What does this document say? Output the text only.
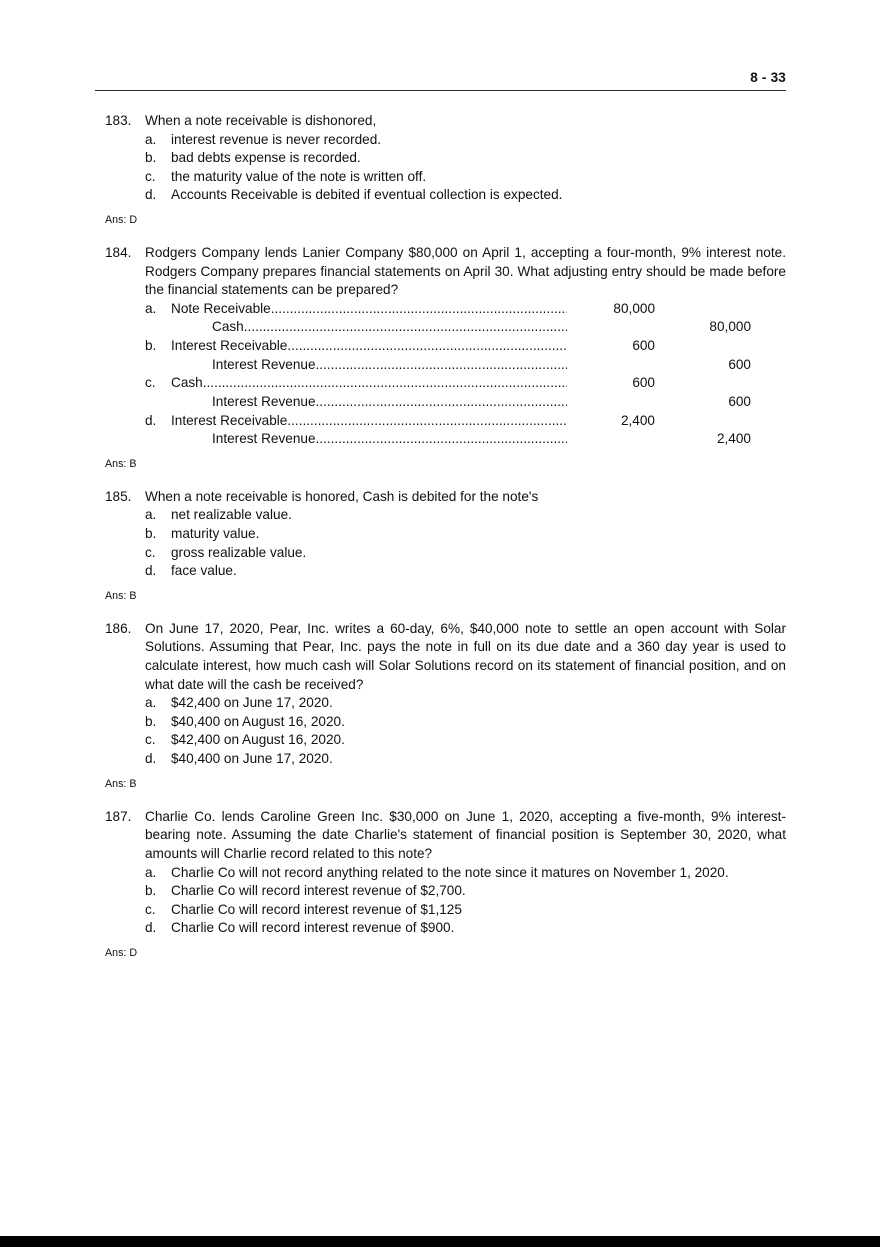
8 - 33
183. When a note receivable is dishonored,
a.	interest revenue is never recorded.
b.	bad debts expense is recorded.
c.	the maturity value of the note is written off.
d.	Accounts Receivable is debited if eventual collection is expected.
Ans: D
184. Rodgers Company lends Lanier Company $80,000 on April 1, accepting a four-month, 9% interest note. Rodgers Company prepares financial statements on April 30. What adjusting entry should be made before the financial statements can be prepared?
a.	Note Receivable .....	80,000
Cash .....	80,000
b.	Interest Receivable .....	600
Interest Revenue .....	600
c.	Cash .....	600
Interest Revenue .....	600
d.	Interest Receivable .....	2,400
Interest Revenue .....	2,400
Ans: B
185. When a note receivable is honored, Cash is debited for the note's
a.	net realizable value.
b.	maturity value.
c.	gross realizable value.
d.	face value.
Ans: B
186. On June 17, 2020, Pear, Inc. writes a 60-day, 6%, $40,000 note to settle an open account with Solar Solutions. Assuming that Pear, Inc. pays the note in full on its due date and a 360 day year is used to calculate interest, how much cash will Solar Solutions record on its statement of financial position, and on what date will the cash be received?
a.	$42,400 on June 17, 2020.
b.	$40,400 on August 16, 2020.
c.	$42,400 on August 16, 2020.
d.	$40,400 on June 17, 2020.
Ans: B
187. Charlie Co. lends Caroline Green Inc. $30,000 on June 1, 2020, accepting a five-month, 9% interest-bearing note. Assuming the date Charlie's statement of financial position is September 30, 2020, what amounts will Charlie record related to this note?
a.	Charlie Co will not record anything related to the note since it matures on November 1, 2020.
b.	Charlie Co will record interest revenue of $2,700.
c.	Charlie Co will record interest revenue of $1,125
d.	Charlie Co will record interest revenue of $900.
Ans: D
